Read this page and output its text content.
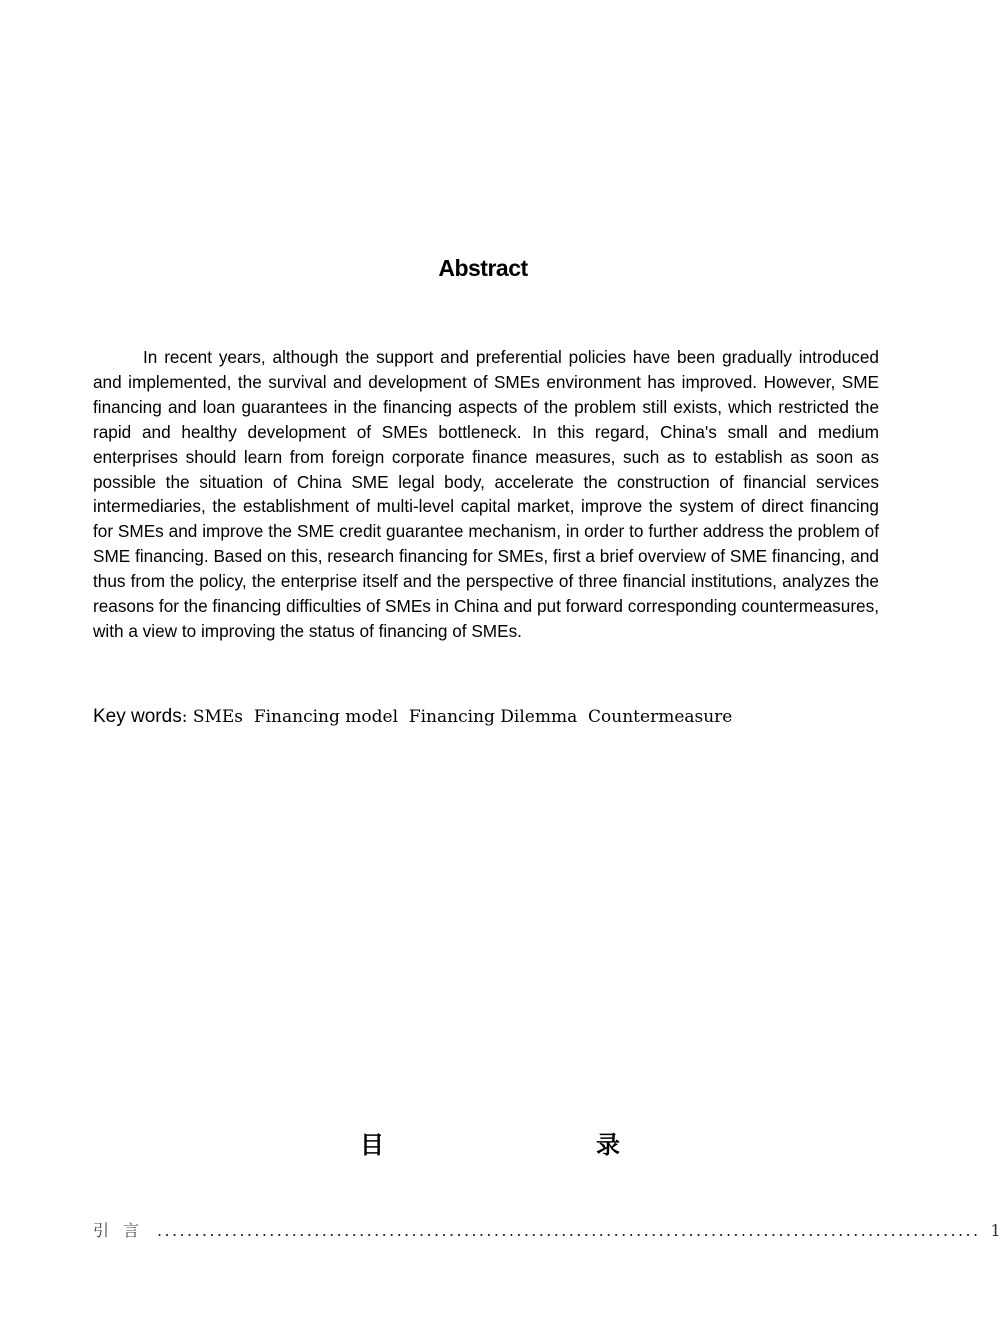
Abstract

In recent years, although the support and preferential policies have been gradually introduced and implemented, the survival and development of SMEs environment has improved. However, SME financing and loan guarantees in the financing aspects of the problem still exists, which restricted the rapid and healthy development of SMEs bottleneck. In this regard, China's small and medium enterprises should learn from foreign corporate finance measures, such as to establish as soon as possible the situation of China SME legal body, accelerate the construction of financial services intermediaries, the establishment of multi-level capital market, improve the system of direct financing for SMEs and improve the SME credit guarantee mechanism, in order to further address the problem of SME financing. Based on this, research financing for SMEs, first a brief overview of SME financing, and thus from the policy, the enterprise itself and the perspective of three financial institutions, analyzes the reasons for the financing difficulties of SMEs in China and put forward corresponding countermeasures, with a view to improving the status of financing of SMEs.

Key words: SMEs  Financing model  Financing Dilemma  Countermeasure
目	录
引言 .............................................................................................................. 1
